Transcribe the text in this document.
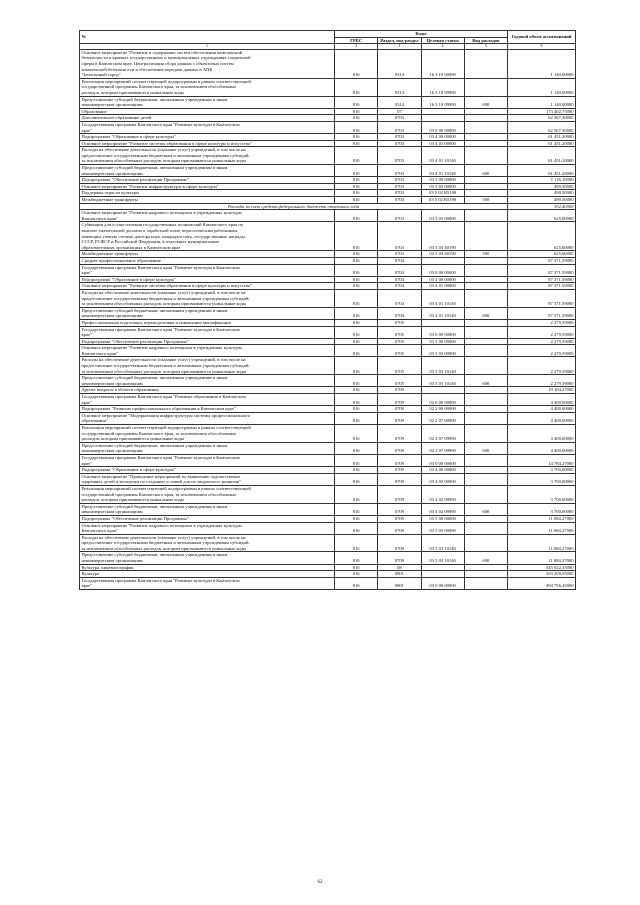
№	Коды				Годовой объем ассигнований
	ГРБС	Раздел, под-раздел	Целевая статья	Вид расходов	
1	2	3	4	5	6

Основное мероприятие "Развитие и содержание систем обеспечения комплексной
безопасности в краевых государственных и муниципальных учреждениях социальной
сферы в Камчатском крае. Централизация сбора данных с объектовых систем
комплексной безопасности и обеспечения передачи данных в АПК
"Безопасный город"	816	0314	16 3 10 00000		1 140,00000

Реализация мероприятий соответствующей подпрограммы в рамках соответствующей
государственной программы Камчатского края, за исключением обособленных
расходов, которым присваиваются уникальные коды	816	0314	16 3 10 09990		1 140,00000

Предоставление субсидий бюджетным, автономным учреждениям и иным
некоммерческим организациям	816	0314	16 3 10 09990	600	1 140,00000

Образование	816	07			173 402,75000

Дополнительное образование детей	816	0703			62 567,30000

Государственная программа Камчатского края "Развитие культуры в Камчатском
крае"	816	0703	03 0 00 00000		62 567,30000

Подпрограмма "Образование в сфере культуры"	816	0703	03 4 00 00000		61 451,20000

Основное мероприятие "Развитие системы образования в сфере культуры и искусства"	816	0703	03 4 01 00000		61 451,20000

Расходы на обеспечение деятельности (оказание услуг) учреждений, в том числе на
предоставление государственным бюджетным и автономным учреждениям субсидий,
за исключением обособленных расходов, которым присваиваются уникальные коды	816	0703	03 4 01 10140		61 451,20000

Предоставление субсидий бюджетным, автономным учреждениям и иным
некоммерческим организациям	816	0703	03 4 01 10140	600	61 451,20000

Подпрограмма "Обеспечение реализации Программы"	816	0703	03 5 00 00000		1 116,10000

Основное мероприятие "Развитие инфраструктуры в сфере культуры"	816	0703	03 5 02 00000		490,50000

Поддержка отрасли культуры	816	0703	03 5 02 R5190		490,50000

Межбюджетные трансферты	816	0703	03 5 02 R5190	500	490,50000
Расходы за счет средств федерального бюджета отчетного года					392,40000

Основное мероприятие "Развитие кадрового потенциала в учреждениях культуры
Камчатского края"	816	0703	03 5 03 00000		625,60000

Субвенции для осуществления государственных полномочий Камчатского края по
выплате ежемесячной доплаты к заработной плате педагогическим работникам,
имеющим ученую степень доктора наук, кандидата наук, государственные награды
СССР, РСФСР и Российской Федерации, в отдельных муниципальных
образовательных организациях в Камчатском крае	816	0703	03 5 03 40190		625,60000

Межбюджетные трансферты	816	0703	03 5 03 40190	500	625,60000

Среднее профессиональное образование	816	0704			87 371,59000

Государственная программа Камчатского края "Развитие культуры в Камчатском
крае"	816	0704	03 0 00 00000		87 371,59000

Подпрограмма "Образование в сфере культуры"	816	0704	03 4 00 00000		87 371,59000

Основное мероприятие "Развитие системы образования в сфере культуры и искусства"	816	0704	03 4 01 00000		87 371,59000

Расходы на обеспечение деятельности (оказание услуг) учреждений, в том числе на
предоставление государственным бюджетным и автономным учреждениям субсидий,
за исключением обособленных расходов, которым присваиваются уникальные коды	816	0704	03 4 01 10140		87 371,59000

Предоставление субсидий бюджетным, автономным учреждениям и иным
некоммерческим организациям	816	0704	03 4 01 10140	600	87 371,59000

Профессиональная подготовка, переподготовка и повышение квалификации	816	0705			2 279,59000

Государственная программа Камчатского края "Развитие культуры в Камчатском
крае"	816	0705	03 0 00 00000		2 279,59000

Подпрограмма "Обеспечение реализации Программы"	816	0705	03 5 00 00000		2 279,59000

Основное мероприятие "Развитие кадрового потенциала в учреждениях культуры
Камчатского края"	816	0705	03 5 03 00000		2 279,59000

Расходы на обеспечение деятельности (оказание услуг) учреждений, в том числе на
предоставление государственным бюджетным и автономным учреждениям субсидий,
за исключением обособленных расходов, которым присваиваются уникальные коды	816	0705	03 5 03 10140		2 279,59000

Предоставление субсидий бюджетным, автономным учреждениям и иным
некоммерческим организациям	816	0705	03 5 03 10140	600	2 279,59000

Другие вопросы в области образования	816	0709			19 184,27000

Государственная программа Камчатского края "Развитие образования в Камчатском
крае"	816	0709	02 0 00 00000		4 400,00000

Подпрограмма "Развитие профессионального образования в Камчатском крае"	816	0709	02 2 00 00000		4 400,00000

Основное мероприятие "Модернизация инфраструктуры системы профессионального
образования"	816	0709	02 2 07 00000		4 400,00000

Реализация мероприятий соответствующей подпрограммы в рамках соответствующей
государственной программы Камчатского края, за исключением обособленных
расходов, которым присваиваются уникальные коды	816	0709	02 2 07 09990		4 400,00000

Предоставление субсидий бюджетным, автономным учреждениям и иным
некоммерческим организациям	816	0709	02 2 07 09990	600	4 400,00000

Государственная программа Камчатского края "Развитие культуры в Камчатском
крае"	816	0709	03 0 00 00000		14 784,27000

Подпрограмма "Образование в сфере культуры"	816	0709	03 4 00 00000		3 700,00000

Основное мероприятие "Проведение мероприятий по выявлению художественно
одаренных детей и молодежи по созданию условий для их творческого развития"	816	0709	03 4 02 00000		3 700,00000

Реализация мероприятий соответствующей подпрограммы в рамках соответствующей
государственной программы Камчатского края, за исключением обособленных
расходов, которым присваиваются уникальные коды	816	0709	03 4 02 09990		3 700,00000

Предоставление субсидий бюджетным, автономным учреждениям и иным
некоммерческим организациям	816	0709	03 4 02 09990	600	3 700,00000

Подпрограмма "Обеспечение реализации Программы"	816	0709	03 5 00 00000		11 084,27000

Основное мероприятие "Развитие кадрового потенциала в учреждениях культуры
Камчатского края"	816	0709	03 5 03 00000		11 084,27000

Расходы на обеспечение деятельности (оказание услуг) учреждений, в том числе на
предоставление государственным бюджетным и автономным учреждениям субсидий,
за исключением обособленных расходов, которым присваиваются уникальные коды	816	0709	03 5 03 10140		11 084,27000

Предоставление субсидий бюджетным, автономным учреждениям и иным
некоммерческим организациям	816	0709	03 5 03 10140	600	11 084,27000

Культура, кинематография	816	08			545 022,35000

Культура	816	0801			503 209,05000

Государственная программа Камчатского края "Развитие культуры в Камчатском
крае"	816	0801	03 0 00 00000		494 756,45000
62
